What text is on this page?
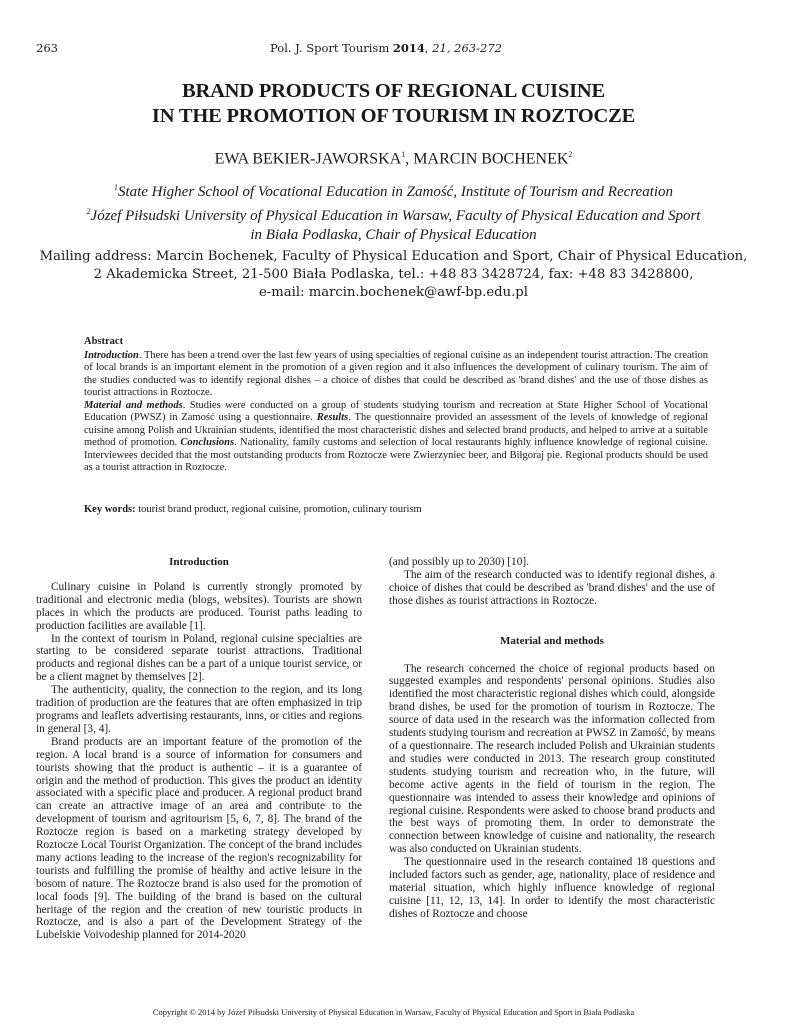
263	Pol. J. Sport Tourism 2014, 21, 263-272
BRAND PRODUCTS OF REGIONAL CUISINE
IN THE PROMOTION OF TOURISM IN ROZTOCZE
EWA BEKIER-JAWORSKA$^1$, MARCIN BOCHENEK$^2$
$^1$State Higher School of Vocational Education in Zamość, Institute of Tourism and Recreation
$^2$Józef Piłsudski University of Physical Education in Warsaw, Faculty of Physical Education and Sport
in Biała Podlaska, Chair of Physical Education
Mailing address: Marcin Bochenek, Faculty of Physical Education and Sport, Chair of Physical Education,
2 Akademicka Street, 21-500 Biała Podlaska, tel.: +48 83 3428724, fax: +48 83 3428800,
e-mail: marcin.bochenek@awf-bp.edu.pl
Abstract

Introduction. There has been a trend over the last few years of using specialties of regional cuisine as an independent tourist attraction. The creation of local brands is an important element in the promotion of a given region and it also influences the development of culinary tourism. The aim of the studies conducted was to identify regional dishes – a choice of dishes that could be described as 'brand dishes' and the use of those dishes as tourist attractions in Roztocze.
Material and methods. Studies were conducted on a group of students studying tourism and recreation at State Higher School of Vocational Education (PWSZ) in Zamość using a questionnaire. Results. The questionnaire provided an assessment of the levels of knowledge of regional cuisine among Polish and Ukrainian students, identified the most characteristic dishes and selected brand products, and helped to arrive at a suitable method of promotion. Conclusions. Nationality, family customs and selection of local restaurants highly influence knowledge of regional cuisine. Interviewees decided that the most outstanding products from Roztocze were Zwierzyniec beer, and Biłgoraj pie. Regional products should be used as a tourist attraction in Roztocze.

Key words: tourist brand product, regional cuisine, promotion, culinary tourism
Introduction

Culinary cuisine in Poland is currently strongly promoted by traditional and electronic media (blogs, websites). Tourists are shown places in which the products are produced. Tourist paths leading to production facilities are available [1].

In the context of tourism in Poland, regional cuisine specialties are starting to be considered separate tourist attractions. Traditional products and regional dishes can be a part of a unique tourist service, or be a client magnet by themselves [2].

The authenticity, quality, the connection to the region, and its long tradition of production are the features that are often emphasized in trip programs and leaflets advertising restaurants, inns, or cities and regions in general [3, 4].

Brand products are an important feature of the promotion of the region. A local brand is a source of information for consumers and tourists showing that the product is authentic – it is a guarantee of origin and the method of production. This gives the product an identity associated with a specific place and producer. A regional product brand can create an attractive image of an area and contribute to the development of tourism and agritourism [5, 6, 7, 8]. The brand of the Roztocze region is based on a marketing strategy developed by Roztocze Local Tourist Organization. The concept of the brand includes many actions leading to the increase of the region's recognizability for tourists and fulfilling the promise of healthy and active leisure in the bosom of nature. The Roztocze brand is also used for the promotion of local foods [9]. The building of the brand is based on the cultural heritage of the region and the creation of new touristic products in Roztocze, and is also a part of the Development Strategy of the Lubelskie Voivodeship planned for 2014-2020

(and possibly up to 2030) [10].

The aim of the research conducted was to identify regional dishes, a choice of dishes that could be described as 'brand dishes' and the use of those dishes as tourist attractions in Roztocze.

Material and methods

The research concerned the choice of regional products based on suggested examples and respondents' personal opinions. Studies also identified the most characteristic regional dishes which could, alongside brand dishes, be used for the promotion of tourism in Roztocze. The source of data used in the research was the information collected from students studying tourism and recreation at PWSZ in Zamość, by means of a questionnaire. The research included Polish and Ukrainian students and studies were conducted in 2013. The research group constituted students studying tourism and recreation who, in the future, will become active agents in the field of tourism in the region. The questionnaire was intended to assess their knowledge and opinions of regional cuisine. Respondents were asked to choose brand products and the best ways of promoting them. In order to demonstrate the connection between knowledge of cuisine and nationality, the research was also conducted on Ukrainian students.

The questionnaire used in the research contained 18 questions and included factors such as gender, age, nationality, place of residence and material situation, which highly influence knowledge of regional cuisine [11, 12, 13, 14]. In order to identify the most characteristic dishes of Roztocze and choose

Copyright © 2014 by Józef Piłsudski University of Physical Education in Warsaw, Faculty of Physical Education and Sport in Biała Podlaska
